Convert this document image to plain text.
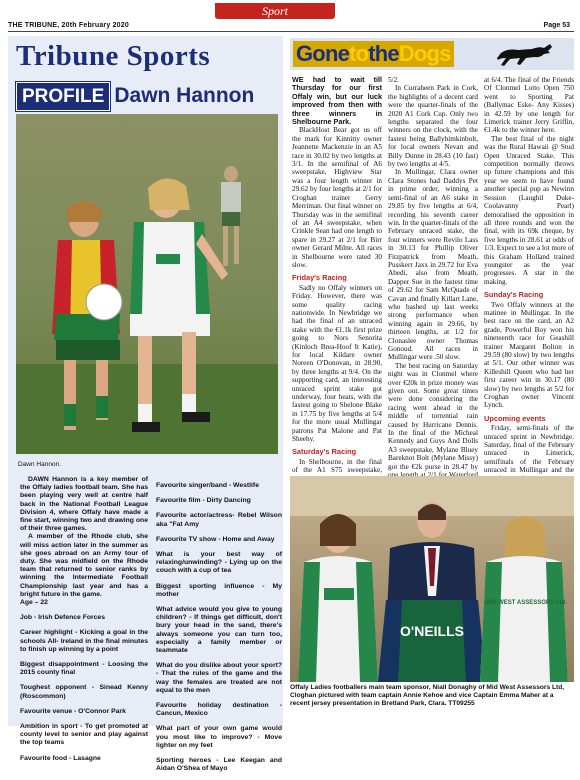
Sport
THE TRIBUNE, 20th February 2020	Page 53
Tribune Sports
PROFILE Dawn Hannon
Dawn Hannon.

DAWN Hannon is a key member of the Offaly ladies football team. She has been playing very well at centre half back in the National Football League Division 4, where Offaly have made a fine start, winning two and drawing one of their three games.

A member of the Rhode club, she will miss action later in the summer as she goes abroad on an Army tour of duty. She was midfield on the Rhode team that returned to senior ranks by winning the Intermediate Football Championship last year and has a bright future in the game.

Age – 22

Job - Irish Defence Forces

Career highlight - Kicking a goal in the schools All- Ireland in the final minutes to finish up winning by a point

Biggest disappointment - Loosing the 2015 county final

Toughest opponent - Sinead Kenny (Roscommon)

Favourite venue - O'Connor Park

Ambition in sport - To get promoted at county level to senior and play against the top teams

Favourite food - Lasagne

Favourite singer/band - Westlife

Favourite film - Dirty Dancing

Favourite actor/actress- Rebel Wilson aka "Fat Amy

Favourite TV show - Home and Away

What is your best way of relaxing/unwinding? - Lying up on the couch with a cup of tea

Biggest sporting influence - My mother

What advice would you give to young children? - If things get difficult, don't bury your head in the sand, there's always someone you can turn too, especially a family member or teammate

What do you dislike about your sport? - That the rules of the game and the way the females are treated are not equal to the men

Favourite holiday destination - Cancun, Mexico

What part of your own game would you most like to improve? - Move lighter on my feet

Sporting heroes - Lee Keegan and Aidan O'Shea of Mayo

GonetotheDogs

WE had to wait till Thursday for our first Offaly win, but our luck improved from then with three winners in Shelbourne Park.

BlackHost Bear got us off the mark for Kinnitty owner Jeannette Mackenzie in an A5 race in 30.02 by two lengths at 3/1. In the semifinal of A6 sweepstake, Highview Star was a four length winner in 29.62 by four lengths at 2/1 for Croghan trainer Gerry Merriman. Our final winner on Thursday was in the semifinal of an A4 sweepstake, when Crinkle Sean had one length to spare in 29.27 at 2/1 for Birr owner Gerard Milne. All races in Shelbourne were rated 30 slow.

Friday's Racing

Sadly no Offaly winners on Friday. However, there was some quality racing nationwide. In Newbridge we had the final of an unraced stake with the €1.1k first prize going to Nors Senorita (Kinloch Brea-Hoof It Katie), for local Kildare owner Noreen O'Donovan, in 28.90, by three lengths at 9/4. On the supporting card, an interesting unraced sprint stake got underway, four heats, with the fastest going to Shelone Blake in 17.75 by five lengths at 5/4 for the more usual Mullingar patrons Pat Malone and Pat Sheehy.

Saturday's Racing

In Shelbourne, in the final of the A1 S75 sweepstake,

5/2.

In Curraheen Park in Cork, the highlights of a decent card were the quarter-finals of the 2020 A1 Cork Cup. Only two lengths separated the four winners on the clock, with the fastest being Ballybimkinbolt, for local owners Nevan and Billy Dunne in 28.43 (10 fast) by two lengths at 4/5.

In Mullingar, Clara owner Clara Stones had Daddys Pet in prime order, winning a semi-final of an A6 stake in 29.85 by five lengths at 6/4, recording his seventh career win. In the quarter-finals of the February unraced stake, the four winners were Revilo Lass in 30.13 for Phillip Oliver Fitzpatrick from Meath, Pusskerr Jaxx in 29.72 for Eva Abedi, also from Meath, Dapper Sue in the fastest time of 29.62 for Sam McQuade of Cavan and finally Killart Lane, who bashed up last weeks strong performance when winning again in 29.66, by thirteen lengths, at 1/2 for Clonaslee owner Thomas Gonoud. All races in Mullingar were .50 slow.

The best racing on Saturday night was in Clonmel where over €20k in prize money was given out. Some great times were done considering the racing went ahead in the middle of torrential rain caused by Hurricane Dennis. In the final of the Micheal Kennedy and Guys And Dolls A3 sweepstake, Mylane Bluey Bareknot Bolt (Mylane Missy) got the €2k purse in 28.47 by

at 6/4. The final of the Friends Of Clonmel Lotto Open 750 went to Sporting Pat (Ballymac Eske- Any Kisses) in 42.59 by one length for Limerick trainer Jerry Griffin, €1.4k to the winner here.

The best final of the night was the Rural Hawaii @ Stud Open Unraced Stake. This competition normally throws up future champions and this year we seem to have found another special pup as Newinn Session (Laughil Duke-Coolavanny Pearl) demoralised the opposition in all three rounds and won the final, with its 69k cheque, by five lengths in 28.61 at odds of 1/3. Expect to see a lot more of this Graham Holland trained youngster as the year progresses. A star in the making.

Sunday's Racing

Two Offaly winners at the matinee in Mullingar. In the best race on the card, an A2 grade, Powerful Boy won his nineteenth race for Geashill trainer Margaret Bolton in 29.59 (80 slow) by two lengths at 5/1. Our other winner was Killeshill Queen who had her first career win in 30.17 (80 slow) by two lengths at 5/2 for Croghan owner Vincent Lynch.

Upcoming events

Friday, semi-finals of the unraced sprint in Newbridge. Saturday, final of the February unraced in Limerick, semifinals of the February unraced in Mullingar and the

O'NEILLS
MID-WEST ASSESSORS Ltd.
Offaly Ladies footballers main team sponsor, Niall Donaghy of Mid West Assessors Ltd, Cloghan pictured with team captain Annie Kehoe and vice Captain Emma Maher at a recent jersey presentation in Bretland Park, Clara. TT09255
